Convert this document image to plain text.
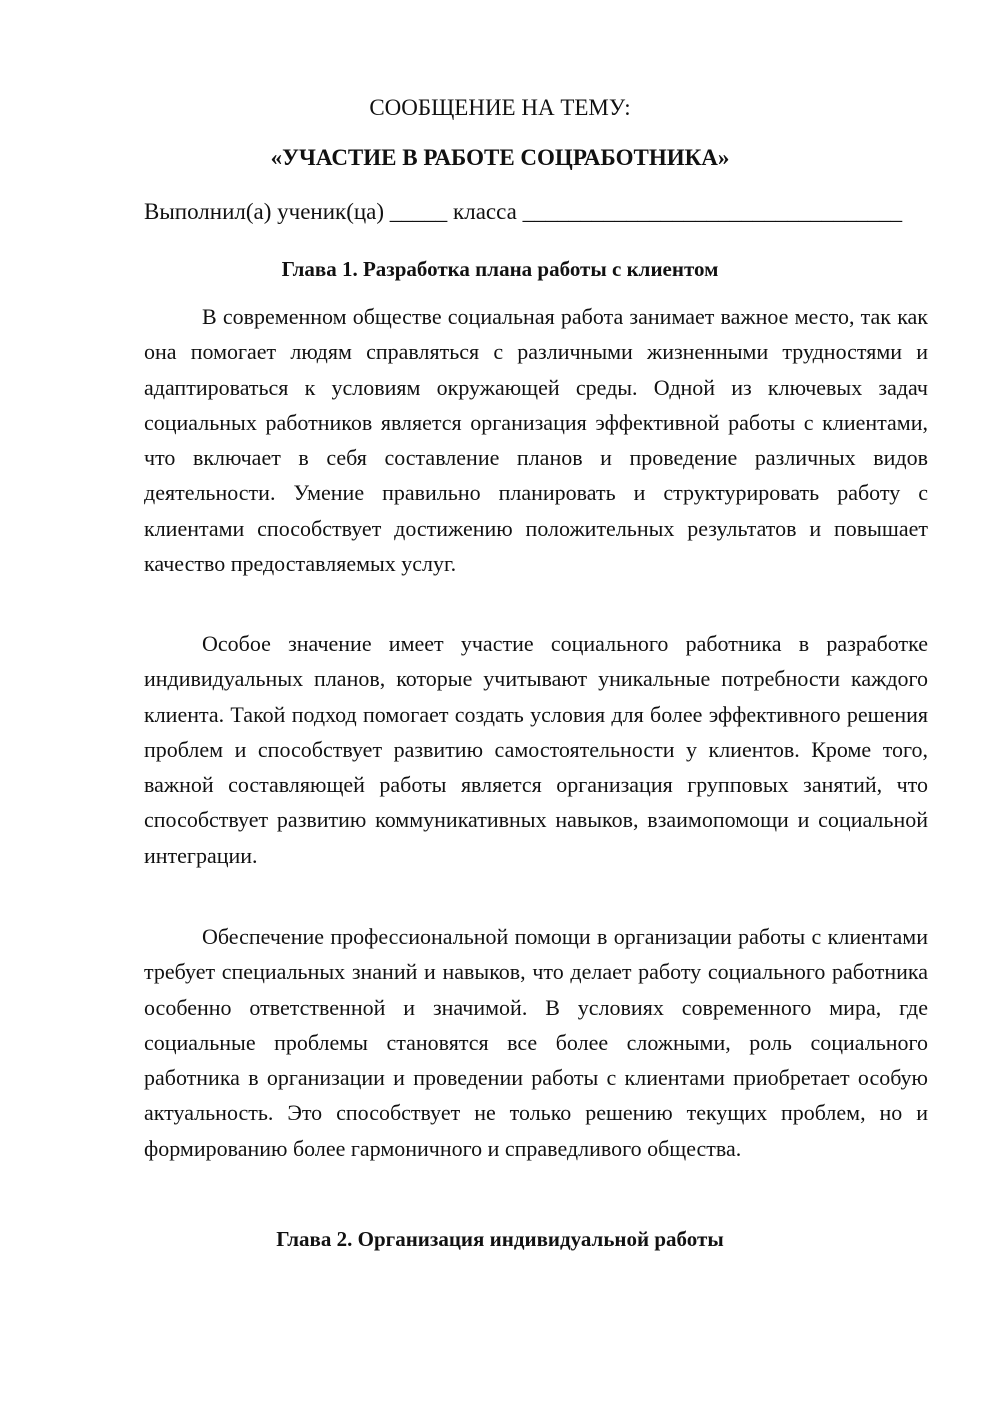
СООБЩЕНИЕ НА ТЕМУ:
«УЧАСТИЕ В РАБОТЕ СОЦРАБОТНИКА»
Выполнил(а) ученик(ца) _____ класса _________________________________
Глава 1. Разработка плана работы с клиентом

В современном обществе социальная работа занимает важное место, так как она помогает людям справляться с различными жизненными трудностями и адаптироваться к условиям окружающей среды. Одной из ключевых задач социальных работников является организация эффективной работы с клиентами, что включает в себя составление планов и проведение различных видов деятельности. Умение правильно планировать и структурировать работу с клиентами способствует достижению положительных результатов и повышает качество предоставляемых услуг.

Особое значение имеет участие социального работника в разработке индивидуальных планов, которые учитывают уникальные потребности каждого клиента. Такой подход помогает создать условия для более эффективного решения проблем и способствует развитию самостоятельности у клиентов. Кроме того, важной составляющей работы является организация групповых занятий, что способствует развитию коммуникативных навыков, взаимопомощи и социальной интеграции.

Обеспечение профессиональной помощи в организации работы с клиентами требует специальных знаний и навыков, что делает работу социального работника особенно ответственной и значимой. В условиях современного мира, где социальные проблемы становятся все более сложными, роль социального работника в организации и проведении работы с клиентами приобретает особую актуальность. Это способствует не только решению текущих проблем, но и формированию более гармоничного и справедливого общества.

Глава 2. Организация индивидуальной работы
